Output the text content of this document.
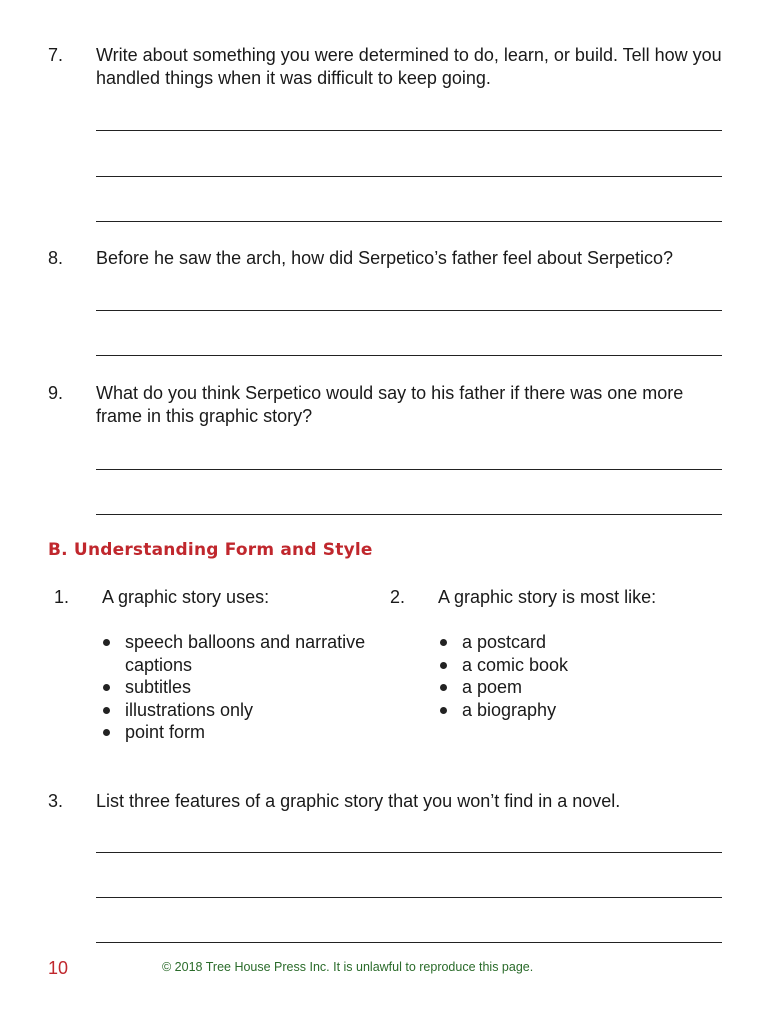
7. Write about something you were determined to do, learn, or build. Tell how you handled things when it was difficult to keep going.
8. Before he saw the arch, how did Serpetico’s father feel about Serpetico?
9. What do you think Serpetico would say to his father if there was one more frame in this graphic story?
B. Understanding Form and Style
1. A graphic story uses:
speech balloons and narrative captions
subtitles
illustrations only
point form
2. A graphic story is most like:
a postcard
a comic book
a poem
a biography
3. List three features of a graphic story that you won’t find in a novel.
10	© 2018 Tree House Press Inc. It is unlawful to reproduce this page.
